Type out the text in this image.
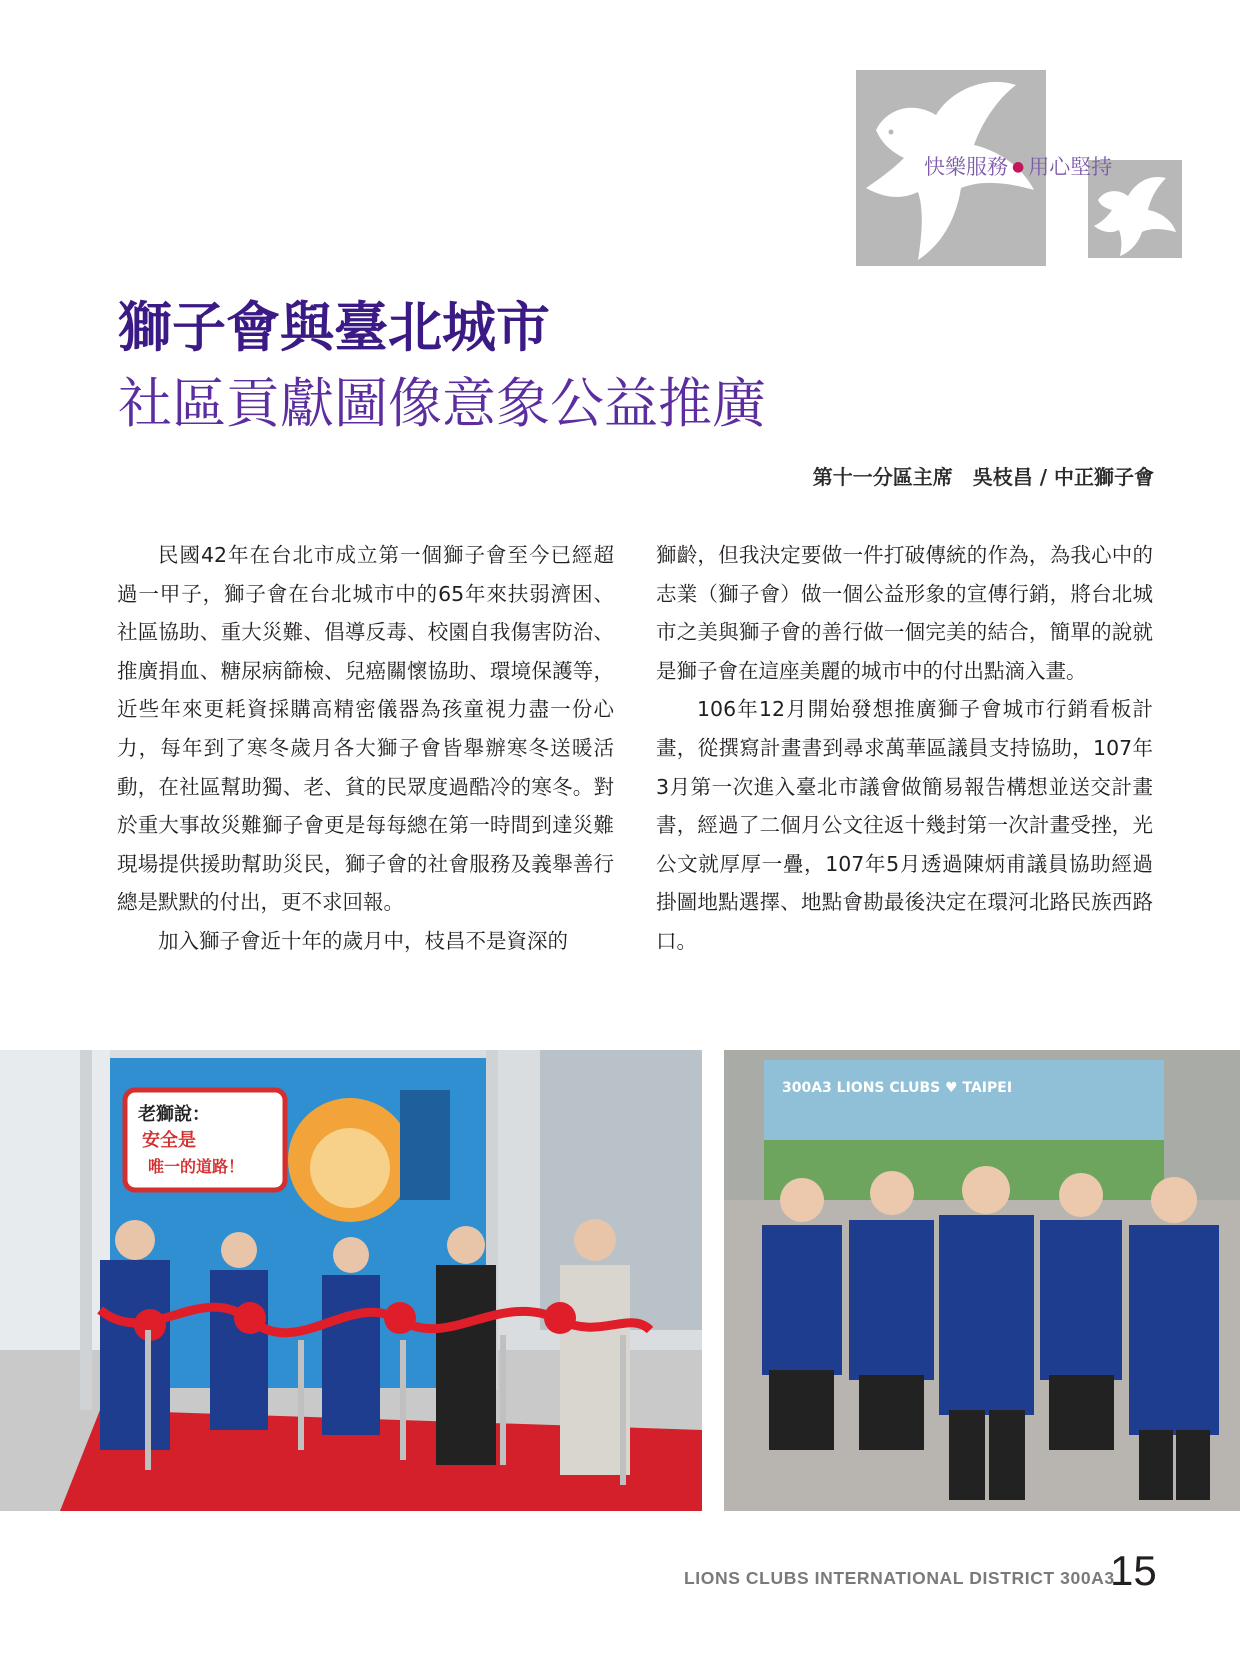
快樂服務 ● 用心堅持
獅子會與臺北城市
社區貢獻圖像意象公益推廣
第十一分區主席　吳枝昌 / 中正獅子會

民國42年在台北市成立第一個獅子會至今已經超過一甲子，獅子會在台北城市中的65年來扶弱濟困、社區協助、重大災難、倡導反毒、校園自我傷害防治、推廣捐血、糖尿病篩檢、兒癌關懷協助、環境保護等，近些年來更耗資採購高精密儀器為孩童視力盡一份心力，每年到了寒冬歲月各大獅子會皆舉辦寒冬送暖活動，在社區幫助獨、老、貧的民眾度過酷冷的寒冬。對於重大事故災難獅子會更是每每總在第一時間到達災難現場提供援助幫助災民，獅子會的社會服務及義舉善行總是默默的付出，更不求回報。

加入獅子會近十年的歲月中，枝昌不是資深的

獅齡，但我決定要做一件打破傳統的作為，為我心中的志業（獅子會）做一個公益形象的宣傳行銷，將台北城市之美與獅子會的善行做一個完美的結合，簡單的說就是獅子會在這座美麗的城市中的付出點滴入畫。

106年12月開始發想推廣獅子會城市行銷看板計畫，從撰寫計畫書到尋求萬華區議員支持協助，107年3月第一次進入臺北市議會做簡易報告構想並送交計畫書，經過了二個月公文往返十幾封第一次計畫受挫，光公文就厚厚一疊，107年5月透過陳炳甫議員協助經過掛圖地點選擇、地點會勘最後決定在環河北路民族西路口。

老獅說：
安全是
唯一的道路！
300A3 LIONS CLUBS ♥ TAIPEI
LIONS CLUBS INTERNATIONAL DISTRICT 300A3
15
